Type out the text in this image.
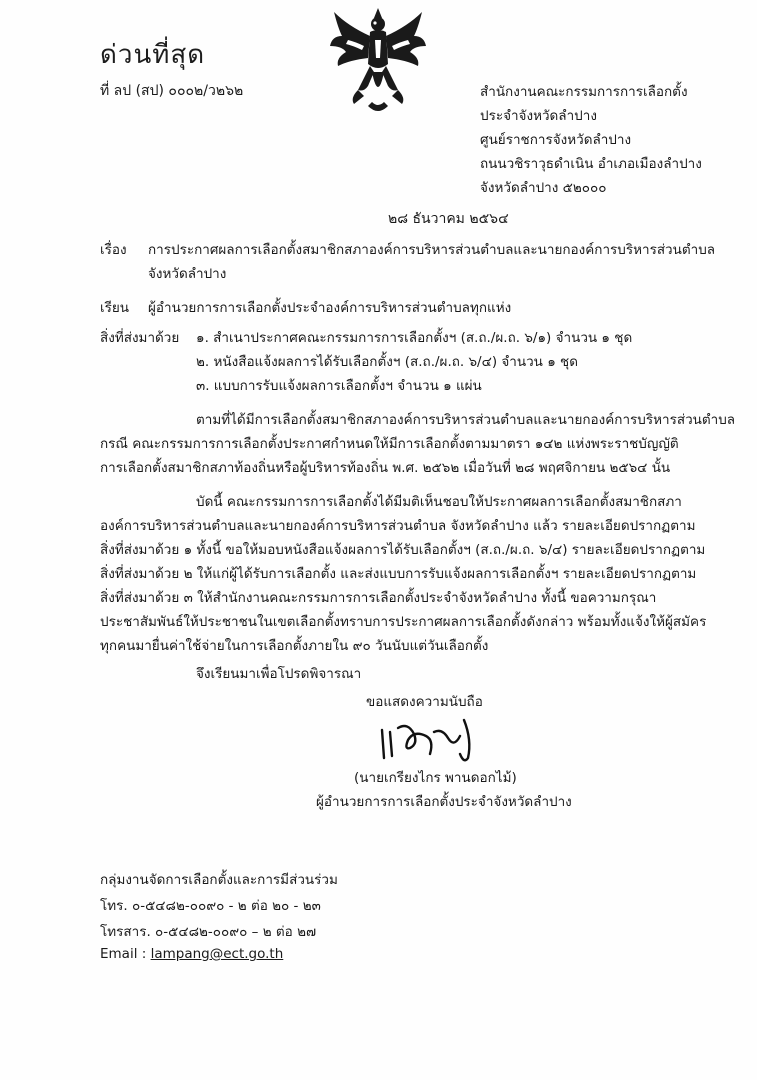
ด่วนที่สุด
ที่ ลป (สป) ๐๐๐๒/ว๒๖๒	สำนักงานคณะกรรมการการเลือกตั้ง
ประจำจังหวัดลำปาง
ศูนย์ราชการจังหวัดลำปาง
ถนนวชิราวุธดำเนิน อำเภอเมืองลำปาง
จังหวัดลำปาง ๕๒๐๐๐
๒๘ ธันวาคม ๒๕๖๔
เรื่อง การประกาศผลการเลือกตั้งสมาชิกสภาองค์การบริหารส่วนตำบลและนายกองค์การบริหารส่วนตำบล
จังหวัดลำปาง
เรียน ผู้อำนวยการการเลือกตั้งประจำองค์การบริหารส่วนตำบลทุกแห่ง
สิ่งที่ส่งมาด้วย ๑. สำเนาประกาศคณะกรรมการการเลือกตั้งฯ (ส.ถ./ผ.ถ. ๖/๑) จำนวน ๑ ชุด
๒. หนังสือแจ้งผลการได้รับเลือกตั้งฯ (ส.ถ./ผ.ถ. ๖/๔) จำนวน ๑ ชุด
๓. แบบการรับแจ้งผลการเลือกตั้งฯ จำนวน ๑ แผ่น
ตามที่ได้มีการเลือกตั้งสมาชิกสภาองค์การบริหารส่วนตำบลและนายกองค์การบริหารส่วนตำบล
กรณี คณะกรรมการการเลือกตั้งประกาศกำหนดให้มีการเลือกตั้งตามมาตรา ๑๔๒ แห่งพระราชบัญญัติ
การเลือกตั้งสมาชิกสภาท้องถิ่นหรือผู้บริหารท้องถิ่น พ.ศ. ๒๕๖๒ เมื่อวันที่ ๒๘ พฤศจิกายน ๒๕๖๔ นั้น
บัดนี้ คณะกรรมการการเลือกตั้งได้มีมติเห็นชอบให้ประกาศผลการเลือกตั้งสมาชิกสภา
องค์การบริหารส่วนตำบลและนายกองค์การบริหารส่วนตำบล จังหวัดลำปาง แล้ว รายละเอียดปรากฏตาม
สิ่งที่ส่งมาด้วย ๑ ทั้งนี้ ขอให้มอบหนังสือแจ้งผลการได้รับเลือกตั้งฯ (ส.ถ./ผ.ถ. ๖/๔) รายละเอียดปรากฏตาม
สิ่งที่ส่งมาด้วย ๒ ให้แก่ผู้ได้รับการเลือกตั้ง และส่งแบบการรับแจ้งผลการเลือกตั้งฯ รายละเอียดปรากฏตาม
สิ่งที่ส่งมาด้วย ๓ ให้สำนักงานคณะกรรมการการเลือกตั้งประจำจังหวัดลำปาง ทั้งนี้ ขอความกรุณา
ประชาสัมพันธ์ให้ประชาชนในเขตเลือกตั้งทราบการประกาศผลการเลือกตั้งดังกล่าว พร้อมทั้งแจ้งให้ผู้สมัคร
ทุกคนมายื่นค่าใช้จ่ายในการเลือกตั้งภายใน ๙๐ วันนับแต่วันเลือกตั้ง
จึงเรียนมาเพื่อโปรดพิจารณา
ขอแสดงความนับถือ
(นายเกรียงไกร พานดอกไม้)
ผู้อำนวยการการเลือกตั้งประจำจังหวัดลำปาง
กลุ่มงานจัดการเลือกตั้งและการมีส่วนร่วม
โทร. ๐-๕๔๘๒-๐๐๙๐ - ๒ ต่อ ๒๐ - ๒๓
โทรสาร. ๐-๕๔๘๒-๐๐๙๐ – ๒ ต่อ ๒๗
Email : lampang@ect.go.th
